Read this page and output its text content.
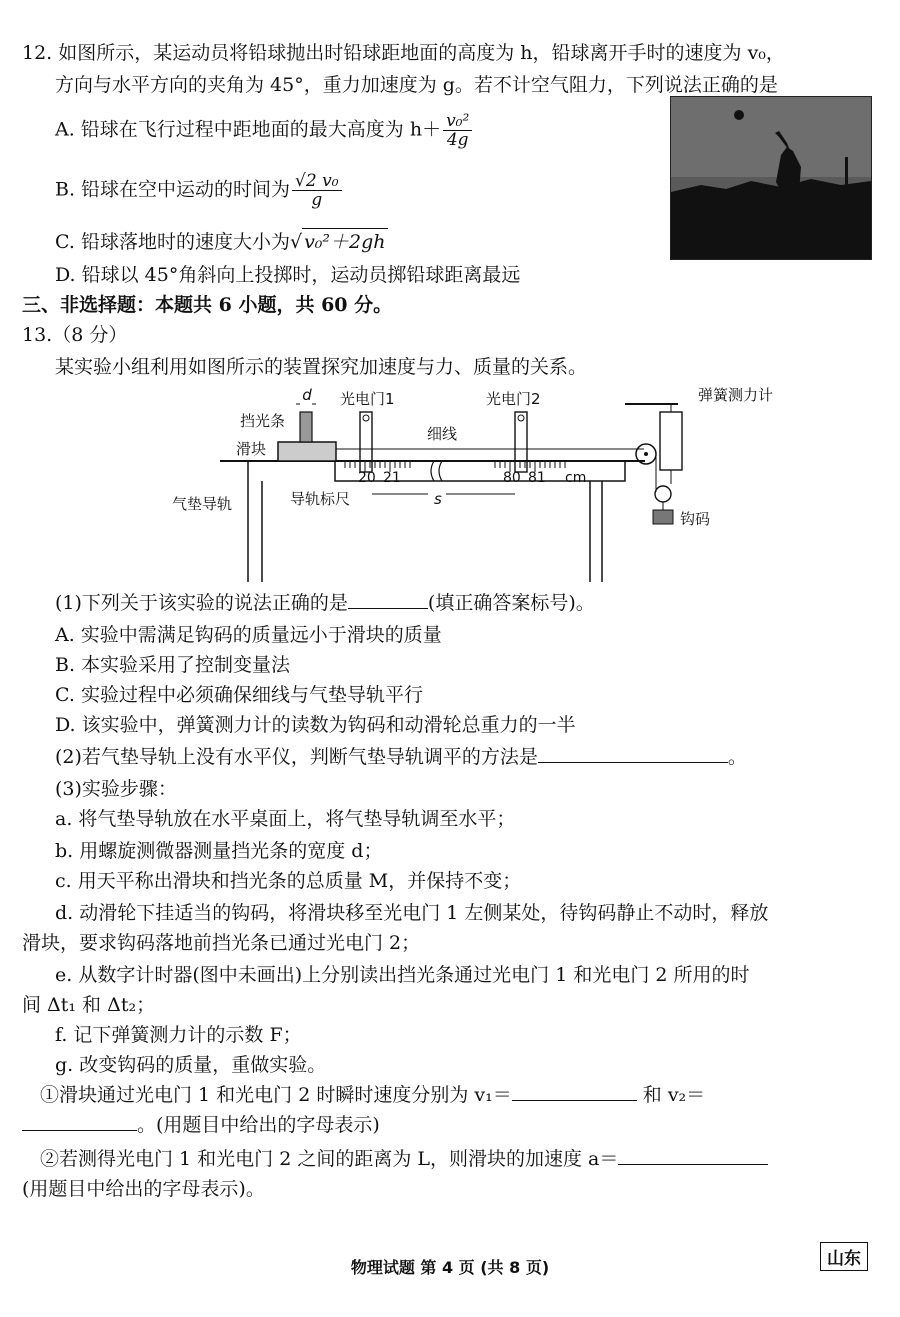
12. 如图所示，某运动员将铅球抛出时铅球距地面的高度为 h，铅球离开手时的速度为 v₀，
方向与水平方向的夹角为 45°，重力加速度为 g。若不计空气阻力，下列说法正确的是
A. 铅球在飞行过程中距地面的最大高度为 $h+ \frac{\text{v₀²}}{4g}$
B. 铅球在空中运动的时间为 $\frac{\text{√2 v₀}}{g}$
C. 铅球落地时的速度大小为√ v₀²＋2gh
D. 铅球以 45°角斜向上投掷时，运动员掷铅球距离最远
三、非选择题：本题共 6 小题，共 60 分。
13.（8 分）
某实验小组利用如图所示的装置探究加速度与力、质量的关系。
d
挡光条
滑块
光电门1	光电门2
细线
气垫导轨	导轨标尺	s
20 21	80 81 cm
弹簧测力计
钩码
(1)下列关于该实验的说法正确的是	(填正确答案标号)。
A. 实验中需满足钩码的质量远小于滑块的质量
B. 本实验采用了控制变量法
C. 实验过程中必须确保细线与气垫导轨平行
D. 该实验中，弹簧测力计的读数为钩码和动滑轮总重力的一半
(2)若气垫导轨上没有水平仪，判断气垫导轨调平的方法是	。
(3)实验步骤：
a. 将气垫导轨放在水平桌面上，将气垫导轨调至水平；
b. 用螺旋测微器测量挡光条的宽度 d；
c. 用天平称出滑块和挡光条的总质量 M，并保持不变；
d. 动滑轮下挂适当的钩码，将滑块移至光电门 1 左侧某处，待钩码静止不动时，释放
滑块，要求钩码落地前挡光条已通过光电门 2；
e. 从数字计时器(图中未画出)上分别读出挡光条通过光电门 1 和光电门 2 所用的时
间 Δt₁ 和 Δt₂；
f. 记下弹簧测力计的示数 F；
g. 改变钩码的质量，重做实验。
①滑块通过光电门 1 和光电门 2 时瞬时速度分别为 v₁＝	和 v₂＝
。(用题目中给出的字母表示)
②若测得光电门 1 和光电门 2 之间的距离为 L，则滑块的加速度 a＝
(用题目中给出的字母表示)。
物理试题 第 4 页 (共 8 页)	山东
